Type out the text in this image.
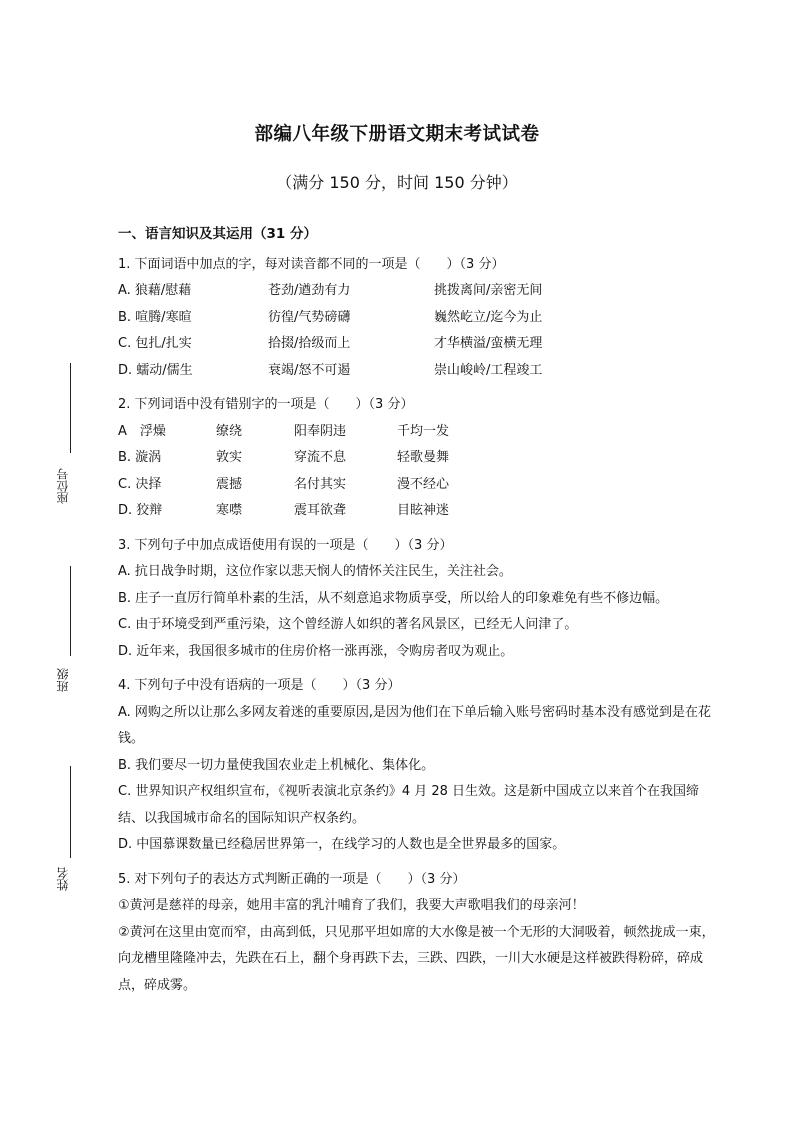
部编八年级下册语文期末考试试卷
（满分 150 分，时间 150 分钟）
座位号
班级
姓名
一、语言知识及其运用（31 分）
1. 下面词语中加点的字，每对读音都不同的一项是（　　）（3 分）
A. 狼藉/慰藉	苍劲/遒劲有力	挑拨离间/亲密无间
B. 喧腾/寒暄	彷徨/气势磅礴	巍然屹立/迄今为止
C. 包扎/扎实	拾掇/拾级而上	才华横溢/蛮横无理
D. 蠕动/儒生	衰竭/怒不可遏	崇山峻岭/工程竣工
2. 下列词语中没有错别字的一项是（　　）（3 分）
A　浮燥	缭绕	阳奉阴违	千均一发
B. 漩涡	敦实	穿流不息	轻歌曼舞
C. 决择	震撼	名付其实	漫不经心
D. 狡辩	寒噤	震耳欲聋	目眩神迷
3. 下列句子中加点成语使用有误的一项是（　　）（3 分）
A. 抗日战争时期，这位作家以悲天悯人的情怀关注民生，关注社会。
B. 庄子一直厉行简单朴素的生活，从不刻意追求物质享受，所以给人的印象难免有些不修边幅。
C. 由于环境受到严重污染，这个曾经游人如织的著名风景区，已经无人问津了。
D. 近年来，我国很多城市的住房价格一涨再涨，令购房者叹为观止。
4. 下列句子中没有语病的一项是（　　）（3 分）
A. 网购之所以让那么多网友着迷的重要原因,是因为他们在下单后输入账号密码时基本没有感觉到是在花钱。
B. 我们要尽一切力量使我国农业走上机械化、集体化。
C. 世界知识产权组织宣布，《视听表演北京条约》4 月 28 日生效。这是新中国成立以来首个在我国缔结、以我国城市命名的国际知识产权条约。
D. 中国慕课数量已经稳居世界第一，在线学习的人数也是全世界最多的国家。
5. 对下列句子的表达方式判断正确的一项是（　　）（3 分）
①黄河是慈祥的母亲，她用丰富的乳汁哺育了我们，我要大声歌唱我们的母亲河！
②黄河在这里由宽而窄，由高到低，只见那平坦如席的大水像是被一个无形的大洞吸着，顿然拢成一束，向龙槽里隆隆冲去，先跌在石上，翻个身再跌下去，三跌、四跌，一川大水硬是这样被跌得粉碎，碎成点，碎成雾。
